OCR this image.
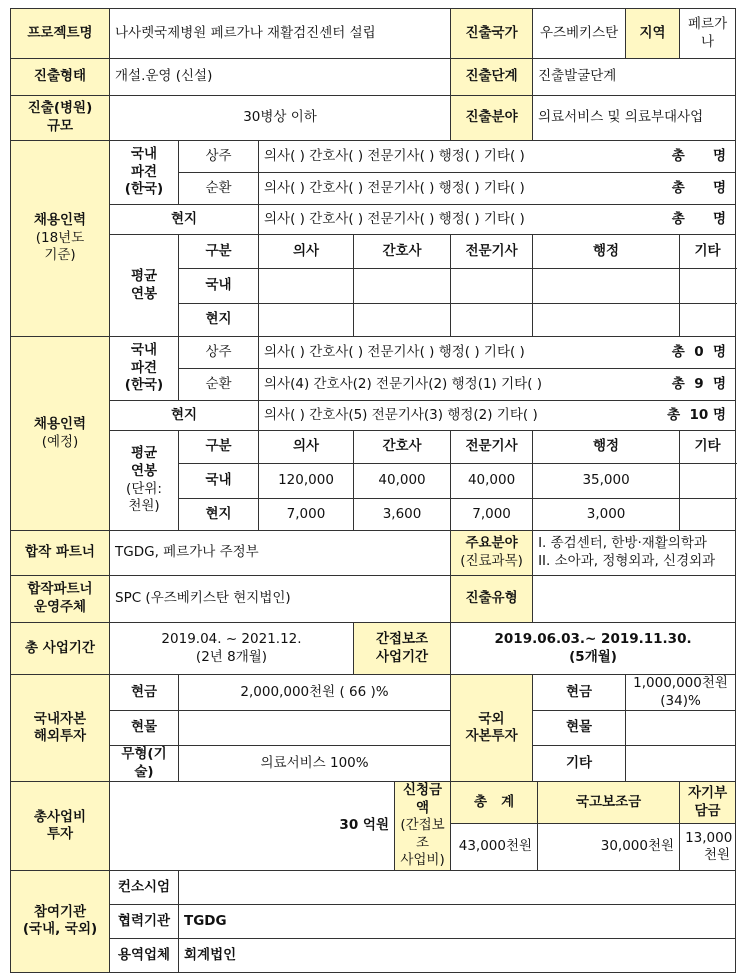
프로젝트명	나사렛국제병원 페르가나 재활검진센터 설립					진출국가	우즈베키스탄		지역	페르가나
진출형태	개설.운영 (신설)					진출단계	진출발굴단계			

진출(병원)
규모	30병상 이하					진출분야	의료서비스 및 의료부대사업			

채용인력
(18년도
기준)	국내
파견
(한국)	상주	의사( ) 간호사( ) 전문기사( ) 행정( ) 기타( ) 총      명							

		순환	의사( ) 간호사( ) 전문기사( ) 행정( ) 기타( ) 총      명							

	현지		의사( ) 간호사( ) 전문기사( ) 행정( ) 기타( ) 총      명							

	평균
연봉	구분	의사	간호사		전문기사	행정			기타
		국내								
		현지								

채용인력
(예정)	국내
파견
(한국)	상주	의사( ) 간호사( ) 전문기사( ) 행정( ) 기타( ) 총  0  명							

		순환	의사(4) 간호사(2) 전문기사(2) 행정(1) 기타( ) 총  9  명							

	현지		의사( ) 간호사(5) 전문기사(3) 행정(2) 기타( ) 총  10 명							

	평균
연봉
(단위:
천원)	구분	의사	간호사		전문기사	행정			기타
		국내	120,000	40,000		40,000	35,000			
		현지	7,000	3,600		7,000	3,000			
합작 파트너	TGDG, 페르가나 주정부					주요분야
(진료과목)	I. 종검센터, 한방·재활의학과
II. 소아과, 정형외과, 신경외과			

합작파트너
운영주체	SPC (우즈베키스탄 현지법인)					진출유형				
총 사업기간	2019.04. ~ 2021.12.
(2년 8개월)			간접보조
사업기간		2019.06.03.~ 2019.11.30.
(5개월)				

국내자본
해외투자	현금	2,000,000천원 ( 66 )%				국외
자본투자	현금		1,000,000천원(34)%	
	현물						현물			
	무형(기술)	의료서비스 100%					기타			

총사업비
투자	30 억원				신청금액
(간접보조
사업비)	총   계		국고보조금		자기부담금
						43,000천원		30,000천원		13,000천원

참여기관
(국내, 국외)	컨소시엄									
	협력기관	TGDG								
	용역업체	회계법인								
